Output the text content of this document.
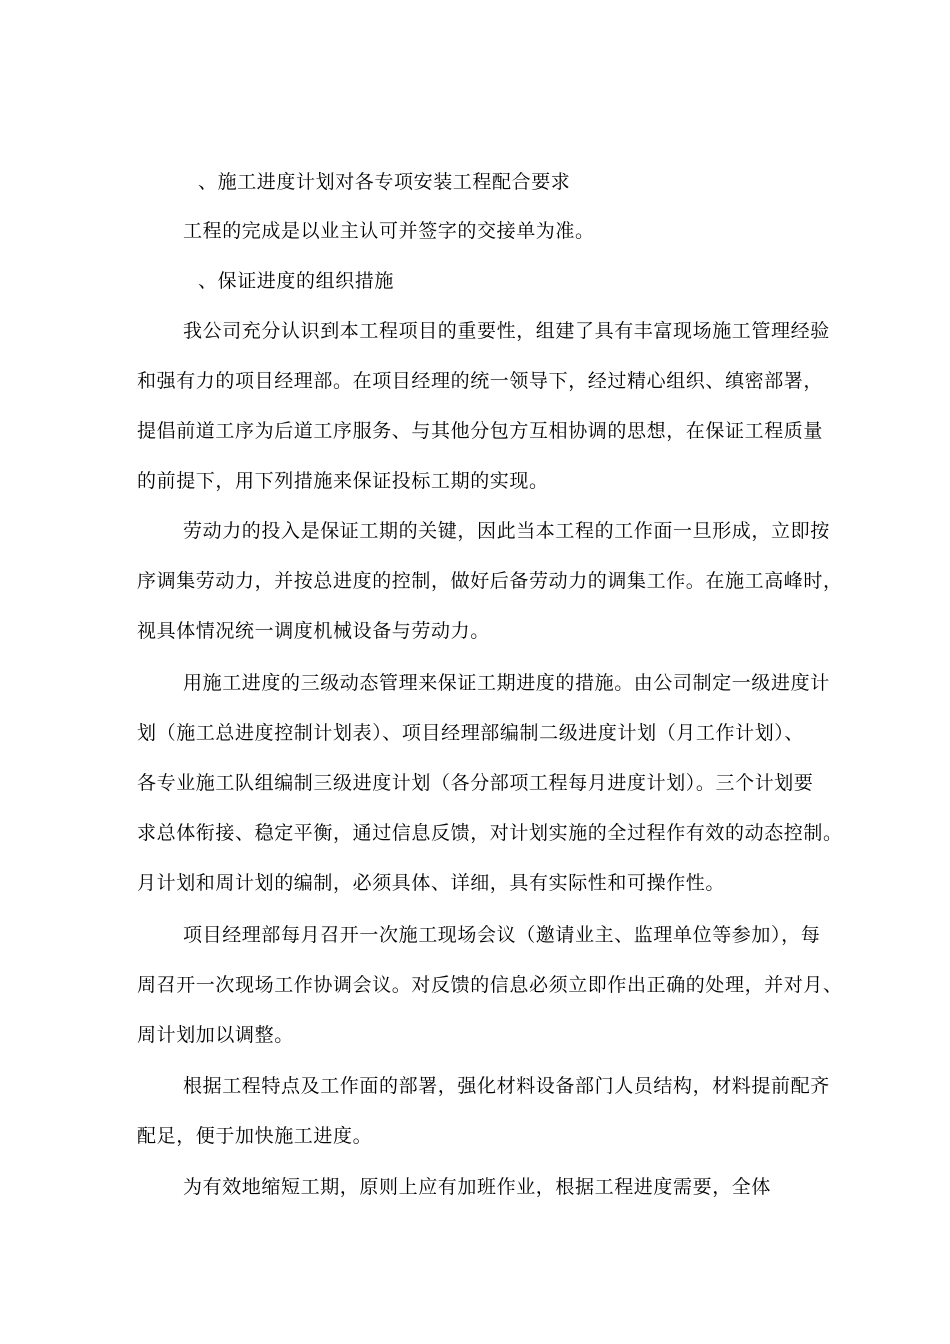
、施工进度计划对各专项安装工程配合要求
工程的完成是以业主认可并签字的交接单为准。
、保证进度的组织措施
我公司充分认识到本工程项目的重要性，组建了具有丰富现场施工管理经验
和强有力的项目经理部。在项目经理的统一领导下，经过精心组织、缜密部署，
提倡前道工序为后道工序服务、与其他分包方互相协调的思想，在保证工程质量
的前提下，用下列措施来保证投标工期的实现。
劳动力的投入是保证工期的关键，因此当本工程的工作面一旦形成，立即按
序调集劳动力，并按总进度的控制，做好后备劳动力的调集工作。在施工高峰时，
视具体情况统一调度机械设备与劳动力。
用施工进度的三级动态管理来保证工期进度的措施。由公司制定一级进度计
划（施工总进度控制计划表）、项目经理部编制二级进度计划（月工作计划）、
各专业施工队组编制三级进度计划（各分部项工程每月进度计划）。三个计划要
求总体衔接、稳定平衡，通过信息反馈，对计划实施的全过程作有效的动态控制。
月计划和周计划的编制，必须具体、详细，具有实际性和可操作性。
项目经理部每月召开一次施工现场会议（邀请业主、监理单位等参加），每
周召开一次现场工作协调会议。对反馈的信息必须立即作出正确的处理，并对月、
周计划加以调整。
根据工程特点及工作面的部署，强化材料设备部门人员结构，材料提前配齐
配足，便于加快施工进度。
为有效地缩短工期，原则上应有加班作业，根据工程进度需要，全体
